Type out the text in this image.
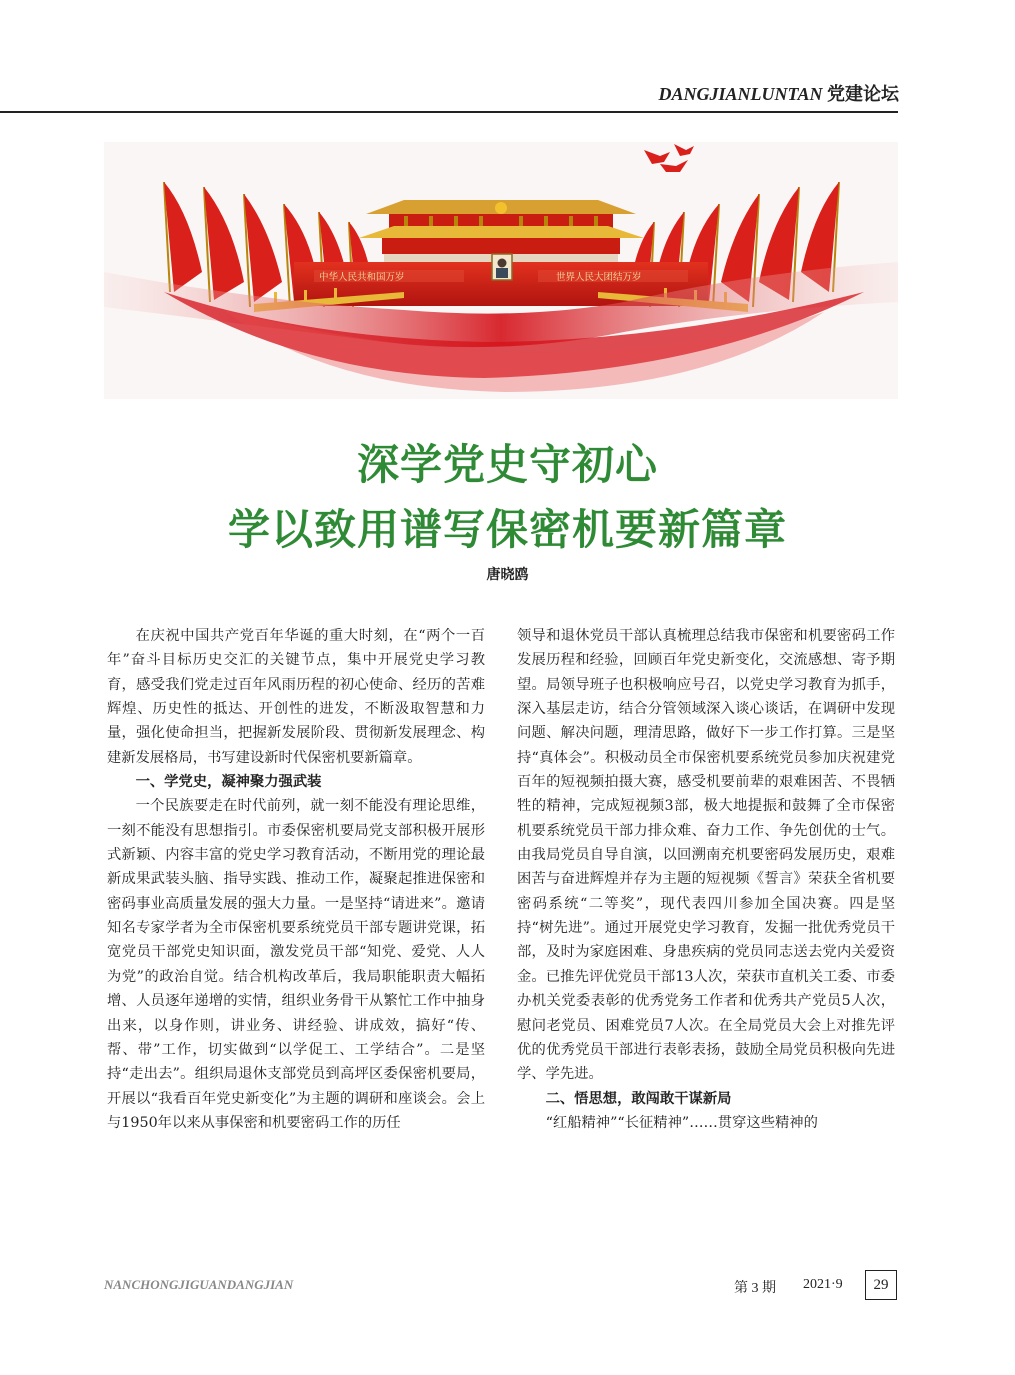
DANGJIANLUNTAN 党建论坛
中华人民共和国万岁	世界人民大团结万岁
深学党史守初心
学以致用谱写保密机要新篇章
唐晓鸥

在庆祝中国共产党百年华诞的重大时刻，在“两个一百年”奋斗目标历史交汇的关键节点，集中开展党史学习教育，感受我们党走过百年风雨历程的初心使命、经历的苦难辉煌、历史性的抵达、开创性的进发，不断汲取智慧和力量，强化使命担当，把握新发展阶段、贯彻新发展理念、构建新发展格局，书写建设新时代保密机要新篇章。

一、学党史，凝神聚力强武装

一个民族要走在时代前列，就一刻不能没有理论思维，一刻不能没有思想指引。市委保密机要局党支部积极开展形式新颖、内容丰富的党史学习教育活动，不断用党的理论最新成果武装头脑、指导实践、推动工作，凝聚起推进保密和密码事业高质量发展的强大力量。一是坚持“请进来”。邀请知名专家学者为全市保密机要系统党员干部专题讲党课，拓宽党员干部党史知识面，激发党员干部“知党、爱党、人人为党”的政治自觉。结合机构改革后，我局职能职责大幅拓增、人员逐年递增的实情，组织业务骨干从繁忙工作中抽身出来，以身作则，讲业务、讲经验、讲成效，搞好“传、帮、带”工作，切实做到“以学促工、工学结合”。二是坚持“走出去”。组织局退休支部党员到高坪区委保密机要局，开展以“我看百年党史新变化”为主题的调研和座谈会。会上与1950年以来从事保密和机要密码工作的历任

领导和退休党员干部认真梳理总结我市保密和机要密码工作发展历程和经验，回顾百年党史新变化，交流感想、寄予期望。局领导班子也积极响应号召，以党史学习教育为抓手，深入基层走访，结合分管领域深入谈心谈话，在调研中发现问题、解决问题，理清思路，做好下一步工作打算。三是坚持“真体会”。积极动员全市保密机要系统党员参加庆祝建党百年的短视频拍摄大赛，感受机要前辈的艰难困苦、不畏牺牲的精神，完成短视频3部，极大地提振和鼓舞了全市保密机要系统党员干部力排众难、奋力工作、争先创优的士气。由我局党员自导自演，以回溯南充机要密码发展历史，艰难困苦与奋进辉煌并存为主题的短视频《誓言》荣获全省机要密码系统“二等奖”，现代表四川参加全国决赛。四是坚持“树先进”。通过开展党史学习教育，发掘一批优秀党员干部，及时为家庭困难、身患疾病的党员同志送去党内关爱资金。已推先评优党员干部13人次，荣获市直机关工委、市委办机关党委表彰的优秀党务工作者和优秀共产党员5人次，慰问老党员、困难党员7人次。在全局党员大会上对推先评优的优秀党员干部进行表彰表扬，鼓励全局党员积极向先进学、学先进。

二、悟思想，敢闯敢干谋新局

“红船精神”“长征精神”……贯穿这些精神的

NANCHONGJIGUANDANGJIAN	第 3 期 2021·9	29
